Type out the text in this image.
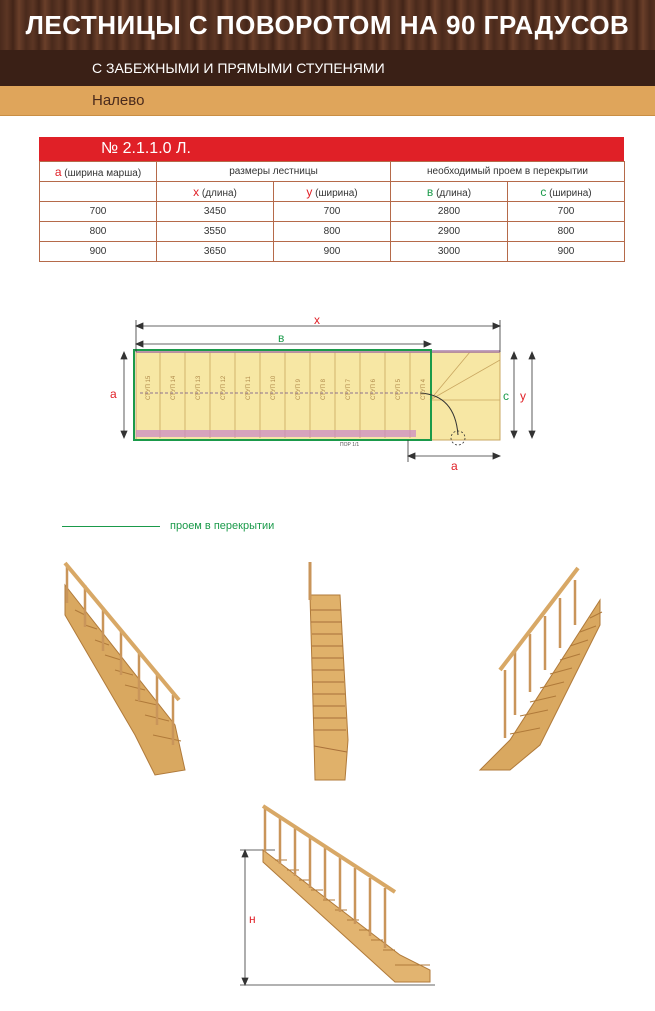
ЛЕСТНИЦЫ С ПОВОРОТОМ НА 90 ГРАДУСОВ
С ЗАБЕЖНЫМИ И ПРЯМЫМИ СТУПЕНЯМИ
Налево
№ 2.1.1.0 Л.
а (ширина марша)	размеры лестницы		необходимый проем в перекрытии	
	x (длина)	y (ширина)	в (длина)	с (ширина)
700	3450	700	2800	700
800	3550	800	2900	800
900	3650	900	3000	900
СТУП 15	СТУП 14	СТУП 13	СТУП 12	СТУП 11	СТУП 10	СТУП 9	СТУП 8	СТУП 7	СТУП 6	СТУП 5	СТУП 4
ПОР 1/1
x
в
а
а
с y
проем в перекрытии
н
